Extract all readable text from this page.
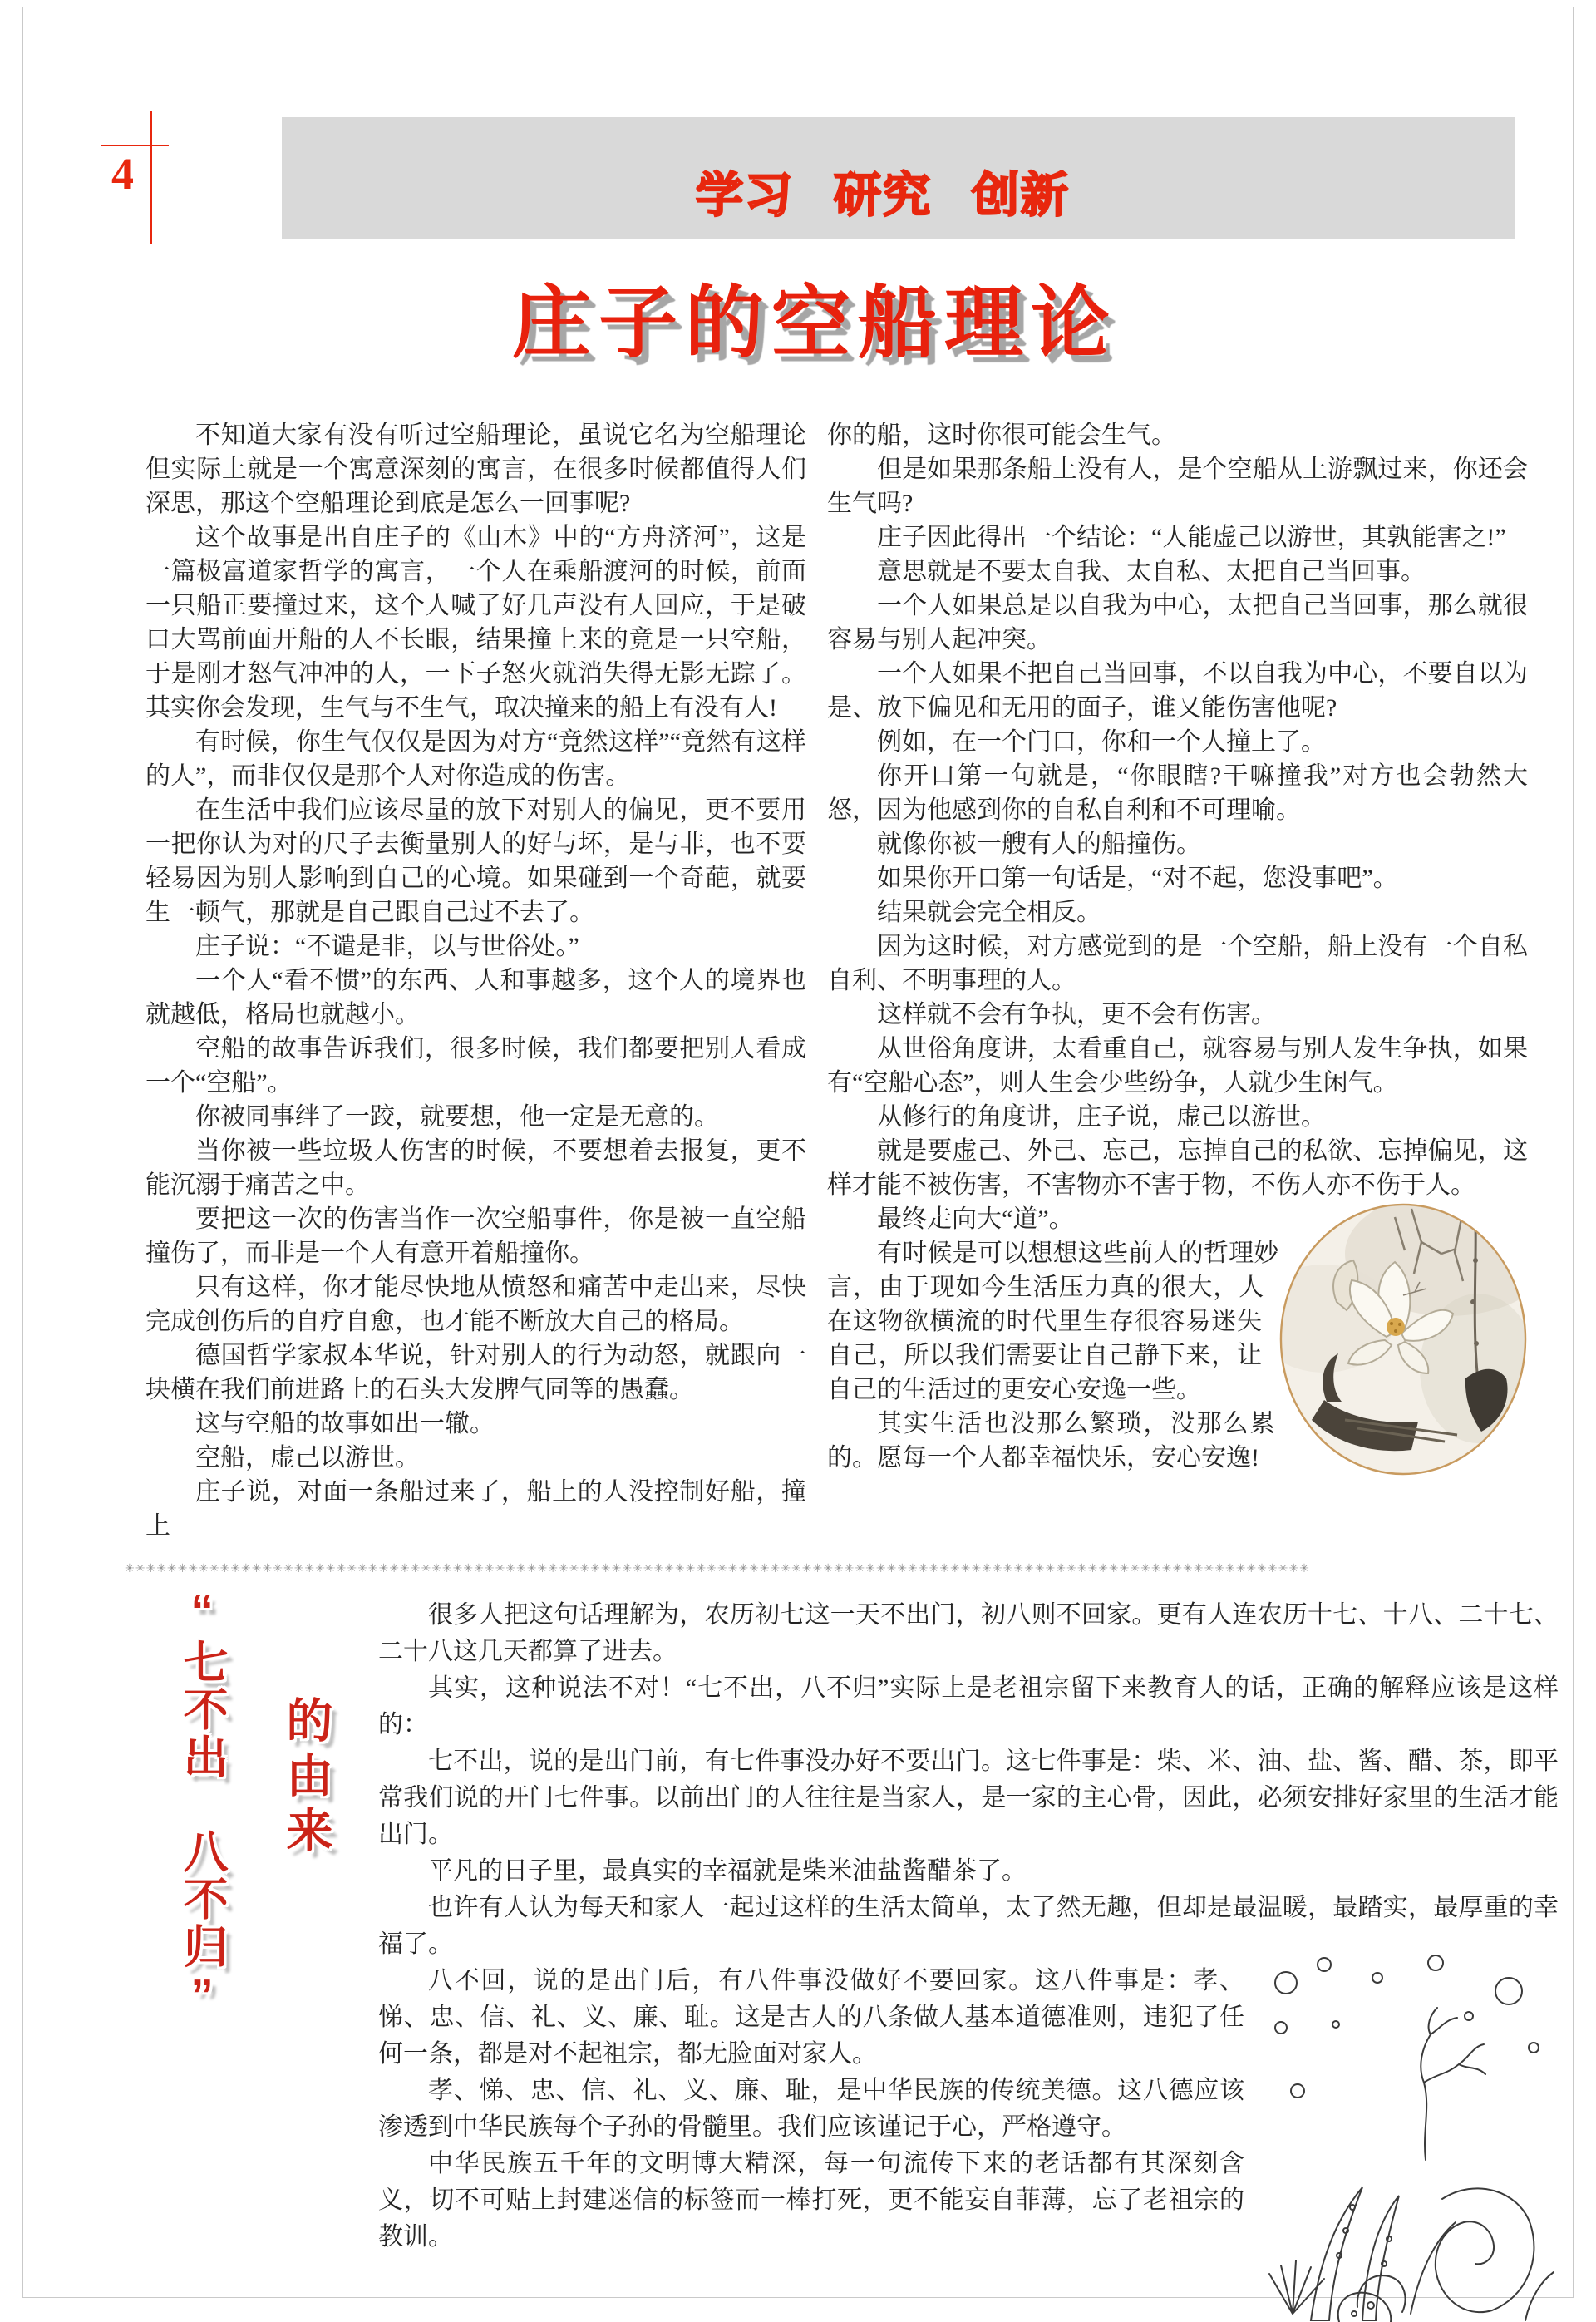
4	学习 研究 创新
庄子的空船理论

不知道大家有没有听过空船理论，虽说它名为空船理论但实际上就是一个寓意深刻的寓言，在很多时候都值得人们深思，那这个空船理论到底是怎么一回事呢?

这个故事是出自庄子的《山木》中的“方舟济河”，这是一篇极富道家哲学的寓言，一个人在乘船渡河的时候，前面一只船正要撞过来，这个人喊了好几声没有人回应，于是破口大骂前面开船的人不长眼，结果撞上来的竟是一只空船，于是刚才怒气冲冲的人，一下子怒火就消失得无影无踪了。其实你会发现，生气与不生气，取决撞来的船上有没有人!

有时候，你生气仅仅是因为对方“竟然这样”“竟然有这样的人”，而非仅仅是那个人对你造成的伤害。

在生活中我们应该尽量的放下对别人的偏见，更不要用一把你认为对的尺子去衡量别人的好与坏，是与非，也不要轻易因为别人影响到自己的心境。如果碰到一个奇葩，就要生一顿气，那就是自己跟自己过不去了。

庄子说：“不谴是非，以与世俗处。”

一个人“看不惯”的东西、人和事越多，这个人的境界也就越低，格局也就越小。

空船的故事告诉我们，很多时候，我们都要把别人看成一个“空船”。

你被同事绊了一跤，就要想，他一定是无意的。

当你被一些垃圾人伤害的时候，不要想着去报复，更不能沉溺于痛苦之中。

要把这一次的伤害当作一次空船事件，你是被一直空船撞伤了，而非是一个人有意开着船撞你。

只有这样，你才能尽快地从愤怒和痛苦中走出来，尽快完成创伤后的自疗自愈，也才能不断放大自己的格局。

德国哲学家叔本华说，针对别人的行为动怒，就跟向一块横在我们前进路上的石头大发脾气同等的愚蠢。

这与空船的故事如出一辙。

空船，虚己以游世。

庄子说，对面一条船过来了，船上的人没控制好船，撞上

你的船，这时你很可能会生气。

但是如果那条船上没有人，是个空船从上游飘过来，你还会生气吗?

庄子因此得出一个结论：“人能虚己以游世，其孰能害之!”

意思就是不要太自我、太自私、太把自己当回事。

一个人如果总是以自我为中心，太把自己当回事，那么就很容易与别人起冲突。

一个人如果不把自己当回事，不以自我为中心，不要自以为是、放下偏见和无用的面子，谁又能伤害他呢?

例如，在一个门口，你和一个人撞上了。

你开口第一句就是，“你眼瞎?干嘛撞我”对方也会勃然大怒，因为他感到你的自私自利和不可理喻。

就像你被一艘有人的船撞伤。

如果你开口第一句话是，“对不起，您没事吧”。

结果就会完全相反。

因为这时候，对方感觉到的是一个空船，船上没有一个自私自利、不明事理的人。

这样就不会有争执，更不会有伤害。

从世俗角度讲，太看重自己，就容易与别人发生争执，如果有“空船心态”，则人生会少些纷争，人就少生闲气。

从修行的角度讲，庄子说，虚己以游世。

就是要虚己、外己、忘己，忘掉自己的私欲、忘掉偏见，这样才能不被伤害，不害物亦不害于物，不伤人亦不伤于人。

最终走向大“道”。

有时候是可以想想这些前人的哲理妙言，由于现如今生活压力真的很大，人在这物欲横流的时代里生存很容易迷失自己，所以我们需要让自己静下来，让自己的生活过的更安心安逸一些。

其实生活也没那么繁琐，没那么累的。愿每一个人都幸福快乐，安心安逸!

✳✳✳✳✳✳✳✳✳✳✳✳✳✳✳✳✳✳✳✳✳✳✳✳✳✳✳✳✳✳✳✳✳✳✳✳✳✳✳✳✳✳✳✳✳✳✳✳✳✳✳✳✳✳✳✳✳✳✳✳✳✳✳✳✳✳✳✳✳✳✳✳✳✳✳✳✳✳✳✳✳✳✳✳✳✳✳✳✳✳✳✳✳✳✳✳✳✳✳✳✳✳✳✳✳✳✳✳✳✳✳✳
“七不出　八不归” 的由来

很多人把这句话理解为，农历初七这一天不出门，初八则不回家。更有人连农历十七、十八、二十七、二十八这几天都算了进去。

其实，这种说法不对！“七不出，八不归”实际上是老祖宗留下来教育人的话，正确的解释应该是这样的：

七不出，说的是出门前，有七件事没办好不要出门。这七件事是：柴、米、油、盐、酱、醋、茶，即平常我们说的开门七件事。以前出门的人往往是当家人，是一家的主心骨，因此，必须安排好家里的生活才能出门。

平凡的日子里，最真实的幸福就是柴米油盐酱醋茶了。

也许有人认为每天和家人一起过这样的生活太简单，太了然无趣，但却是最温暖，最踏实，最厚重的幸福了。

八不回，说的是出门后，有八件事没做好不要回家。这八件事是：孝、悌、忠、信、礼、义、廉、耻。这是古人的八条做人基本道德准则，违犯了任何一条，都是对不起祖宗，都无脸面对家人。

孝、悌、忠、信、礼、义、廉、耻，是中华民族的传统美德。这八德应该渗透到中华民族每个子孙的骨髓里。我们应该谨记于心，严格遵守。

中华民族五千年的文明博大精深，每一句流传下来的老话都有其深刻含义，切不可贴上封建迷信的标签而一棒打死，更不能妄自菲薄，忘了老祖宗的教训。
